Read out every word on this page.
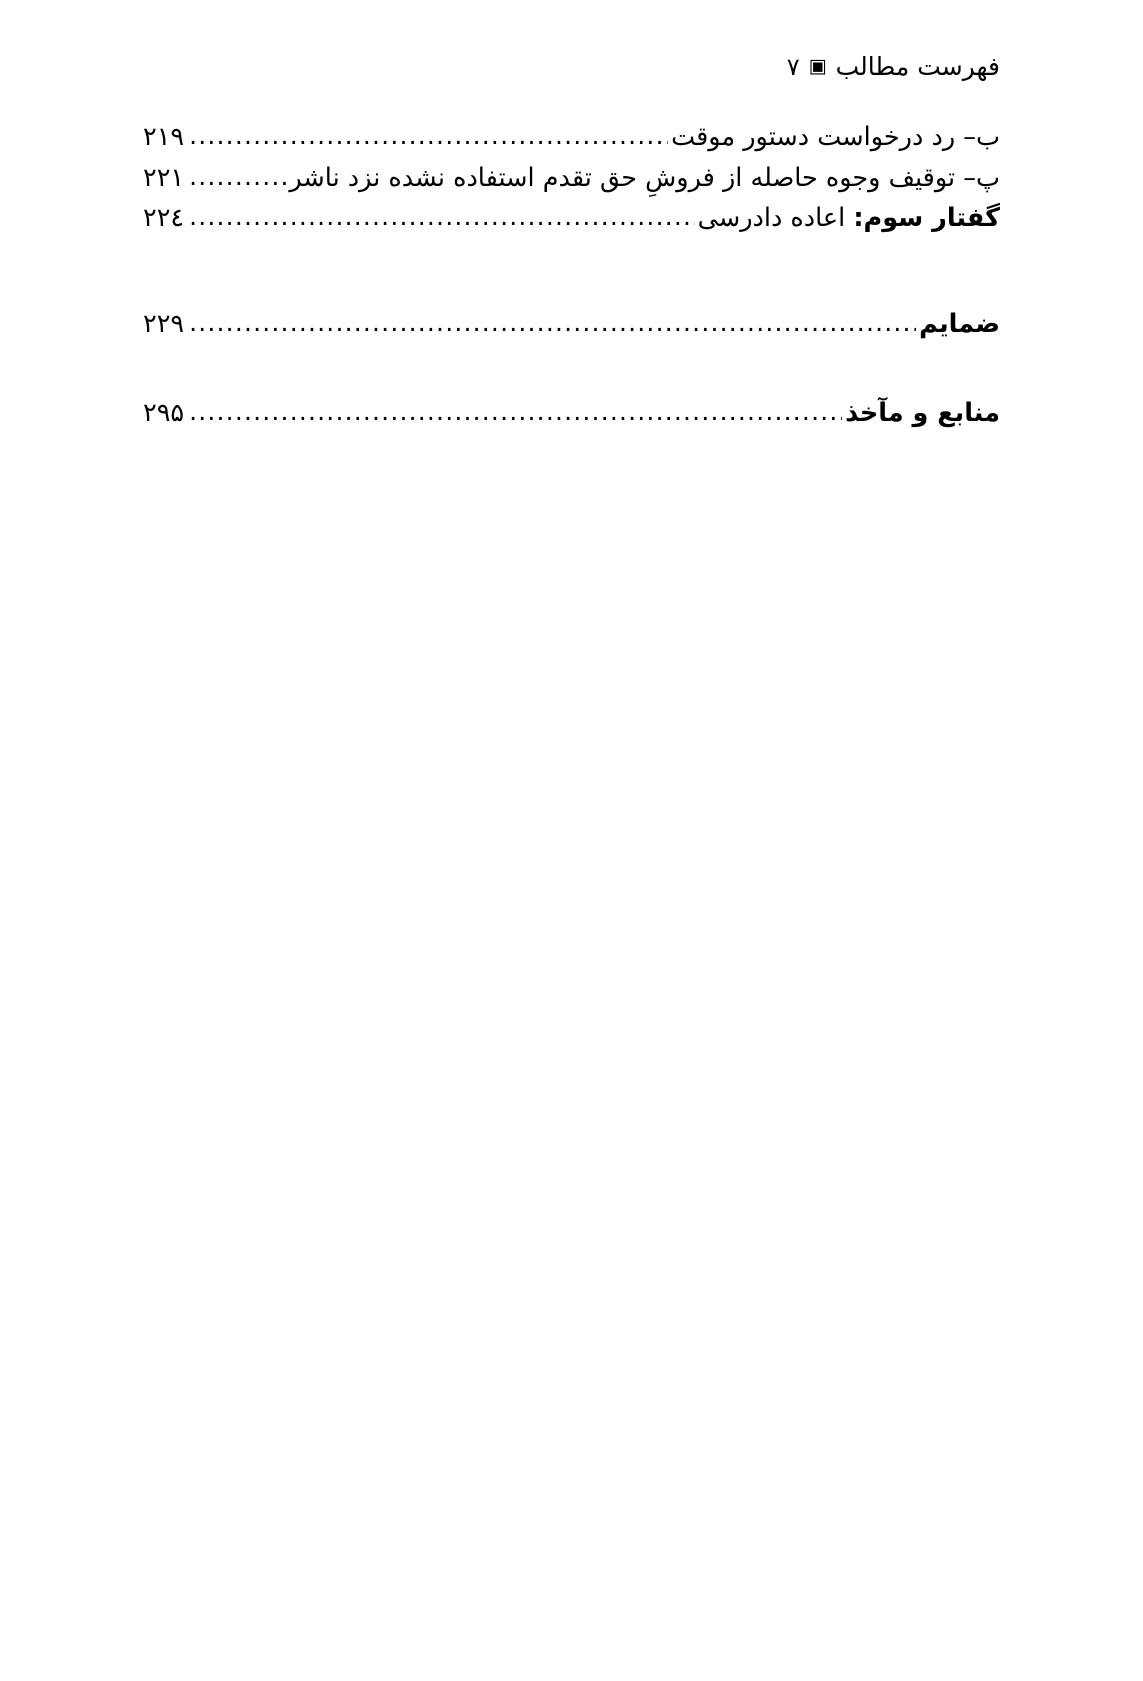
فهرست مطالب
▣
۷
ب– رد درخواست دستور موقت
.....
۲۱۹
پ– توقیف وجوه حاصله از فروشِ حق تقدم استفاده نشده نزد ناشر
.....
۲۲۱
گفتار سوم: اعاده دادرسی
.....
۲۲٤
ضمایم
.....
۲۲۹
منابع و مآخذ
.....
۲۹۵
